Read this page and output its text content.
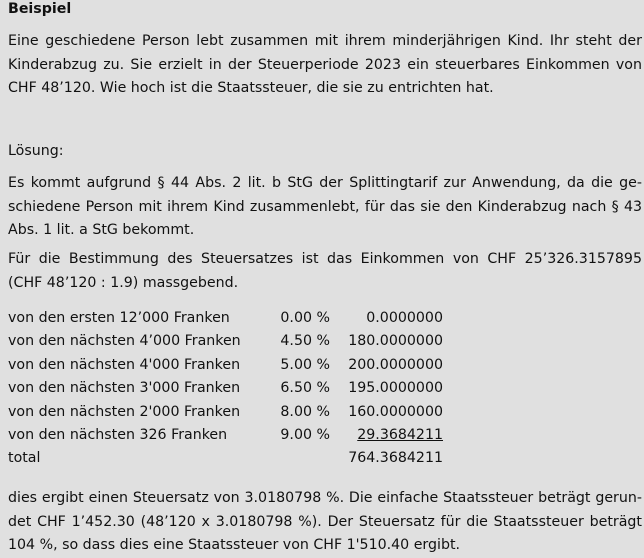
Beispiel
Eine geschiedene Person lebt zusammen mit ihrem minderjährigen Kind. Ihr steht der
Kinderabzug zu. Sie erzielt in der Steuerperiode 2023 ein steuerbares Einkommen von
CHF 48’120. Wie hoch ist die Staatssteuer, die sie zu entrichten hat.
Lösung:
Es kommt aufgrund § 44 Abs. 2 lit. b StG der Splittingtarif zur Anwendung, da die ge-
schiedene Person mit ihrem Kind zusammenlebt, für das sie den Kinderabzug nach § 43
Abs. 1 lit. a StG bekommt.
Für die Bestimmung des Steuersatzes ist das Einkommen von CHF 25’326.3157895
(CHF 48’120 : 1.9) massgebend.
von den ersten 12’000 Franken	0.00 %	0.0000000
von den nächsten 4’000 Franken	4.50 %	180.0000000
von den nächsten 4'000 Franken	5.00 %	200.0000000
von den nächsten 3'000 Franken	6.50 %	195.0000000
von den nächsten 2'000 Franken	8.00 %	160.0000000
von den nächsten 326 Franken	9.00 %	29.3684211
total		764.3684211
dies ergibt einen Steuersatz von 3.0180798 %. Die einfache Staatssteuer beträgt gerun-
det CHF 1’452.30 (48’120 x 3.0180798 %). Der Steuersatz für die Staatssteuer beträgt
104 %, so dass dies eine Staatssteuer von CHF 1'510.40 ergibt.
